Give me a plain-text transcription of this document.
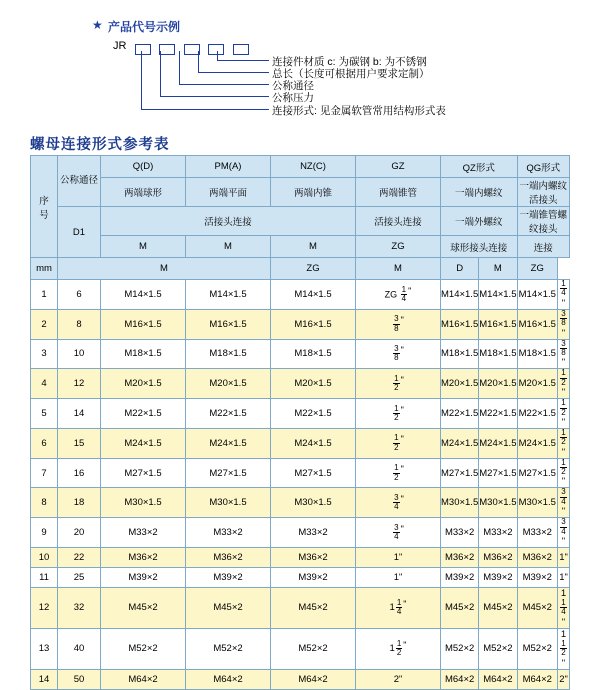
★ 产品代号示例
JR

连接件材质 c: 为碳钢 b: 为不锈钢
总长（长度可根据用户要求定制）
公称通径
公称压力
连接形式: 见金属软管常用结构形式表
螺母连接形式参考表
序
号	公称通径	Q(D)	PM(A)	NZ(C)	GZ	QZ形式		QG形式	
		两端球形	两端平面	两端内锥	两端锥管	一端内螺纹		一端内螺纹活接头	
	D1	活接头连接			活接头连接	一端外螺纹		一端锥管螺纹接头	
		M	M	M	ZG	球形接头连接		连接	
mm	M			ZG	M	D	M	ZG	
1	6	M14×1.5	M14×1.5	M14×1.5	ZG $\frac{1}{4}$ "	M14×1.5	M14×1.5	M14×1.5	$\frac{1}{4}$
"
2	8	M16×1.5	M16×1.5	M16×1.5	$\frac{3}{8}$ "	M16×1.5	M16×1.5	M16×1.5	$\frac{3}{8}$
"
3	10	M18×1.5	M18×1.5	M18×1.5	$\frac{3}{8}$ "	M18×1.5	M18×1.5	M18×1.5	$\frac{3}{8}$
"
4	12	M20×1.5	M20×1.5	M20×1.5	$\frac{1}{2}$ "	M20×1.5	M20×1.5	M20×1.5	$\frac{1}{2}$
"
5	14	M22×1.5	M22×1.5	M22×1.5	$\frac{1}{2}$ "	M22×1.5	M22×1.5	M22×1.5	$\frac{1}{2}$
"
6	15	M24×1.5	M24×1.5	M24×1.5	$\frac{1}{2}$ "	M24×1.5	M24×1.5	M24×1.5	$\frac{1}{2}$
"
7	16	M27×1.5	M27×1.5	M27×1.5	$\frac{1}{2}$ "	M27×1.5	M27×1.5	M27×1.5	$\frac{1}{2}$
"
8	18	M30×1.5	M30×1.5	M30×1.5	$\frac{3}{4}$ "	M30×1.5	M30×1.5	M30×1.5	$\frac{3}{4}$
"
9	20	M33×2	M33×2	M33×2	$\frac{3}{4}$ "	M33×2	M33×2	M33×2	$\frac{3}{4}$
"
10	22	M36×2	M36×2	M36×2	1"	M36×2	M36×2	M36×2	1"
11	25	M39×2	M39×2	M39×2	1"	M39×2	M39×2	M39×2	1"
12	32	M45×2	M45×2	M45×2	$1 \frac{1}{4}$ "	M45×2	M45×2	M45×2	1
$\frac{1}{4}$
"
13	40	M52×2	M52×2	M52×2	$1 \frac{1}{2}$ "	M52×2	M52×2	M52×2	1
$\frac{1}{2}$
"
14	50	M64×2	M64×2	M64×2	2"	M64×2	M64×2	M64×2	2"
